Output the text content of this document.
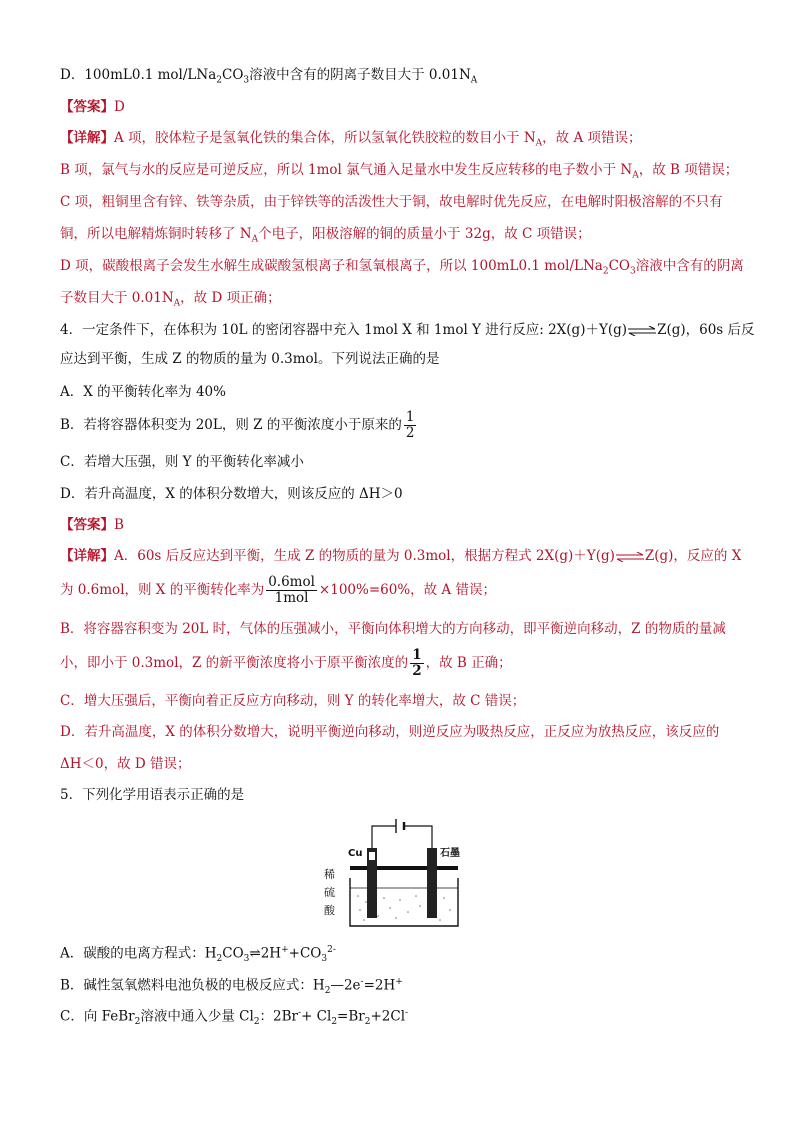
D．100mL0.1 mol/$LNa_2CO_3$溶液中含有的阴离子数目大于 $0.01N_A$
【答案】D
【详解】A 项，胶体粒子是氢氧化铁的集合体，所以氢氧化铁胶粒的数目小于 $N_A$，故 A 项错误；
B 项，氯气与水的反应是可逆反应，所以 1mol 氯气通入足量水中发生反应转移的电子数小于 $N_A$，故 B 项错误；
C 项，粗铜里含有锌、铁等杂质，由于锌铁等的活泼性大于铜，故电解时优先反应，在电解时阳极溶解的不只有
铜，所以电解精炼铜时转移了 $N_A$个电子，阳极溶解的铜的质量小于 32g，故 C 项错误；
D 项，碳酸根离子会发生水解生成碳酸氢根离子和氢氧根离子，所以 100mL0.1 mol/$LNa_2CO_3$溶液中含有的阴离
子数目大于 $0.01N_A$，故 D 项正确；
4．一定条件下，在体积为 10L 的密闭容器中充入 1mol X 和 1mol Y 进行反应: 2X(g)＋Y(g)⇌Z(g)，60s 后反
应达到平衡，生成 Z 的物质的量为 0.3mol。下列说法正确的是
A．X 的平衡转化率为 40%
B．若将容器体积变为 20L，则 Z 的平衡浓度小于原来的 $\frac{1}{2}$
C．若增大压强，则 Y 的平衡转化率减小
D．若升高温度，X 的体积分数增大，则该反应的 ΔH＞0
【答案】B
【详解】A．60s 后反应达到平衡，生成 Z 的物质的量为 0.3mol，根据方程式 2X(g)＋Y(g)⇌Z(g)，反应的 X
为 0.6mol，则 X 的平衡转化率为 $\frac{\text{0.6mol}}{\text{1mol}} \times 100\%=60\%$，故 A 错误；
B．将容器容积变为 20L 时，气体的压强减小，平衡向体积增大的方向移动，即平衡逆向移动，Z 的物质的量减
小，即小于 0.3mol，Z 的新平衡浓度将小于原平衡浓度的 $\frac{1}{2}$ ，故 B 正确；
C．增大压强后，平衡向着正反应方向移动，则 Y 的转化率增大，故 C 错误；
D．若升高温度，X 的体积分数增大，说明平衡逆向移动，则逆反应为吸热反应，正反应为放热反应，该反应的
ΔH＜0，故 D 错误；
5．下列化学用语表示正确的是
Cu	石墨
稀
硫
酸
A．碳酸的电离方程式：$H_2CO_3\rightleftharpoons 2H^++CO_3^{2-}$
B．碱性氢氧燃料电池负极的电极反应式：$H_2—2e^-=2H^+$
C．向 FeBr$_2$溶液中通入少量 $Cl_2$：$2Br^-+ Cl_2=Br_2+2Cl^-$
